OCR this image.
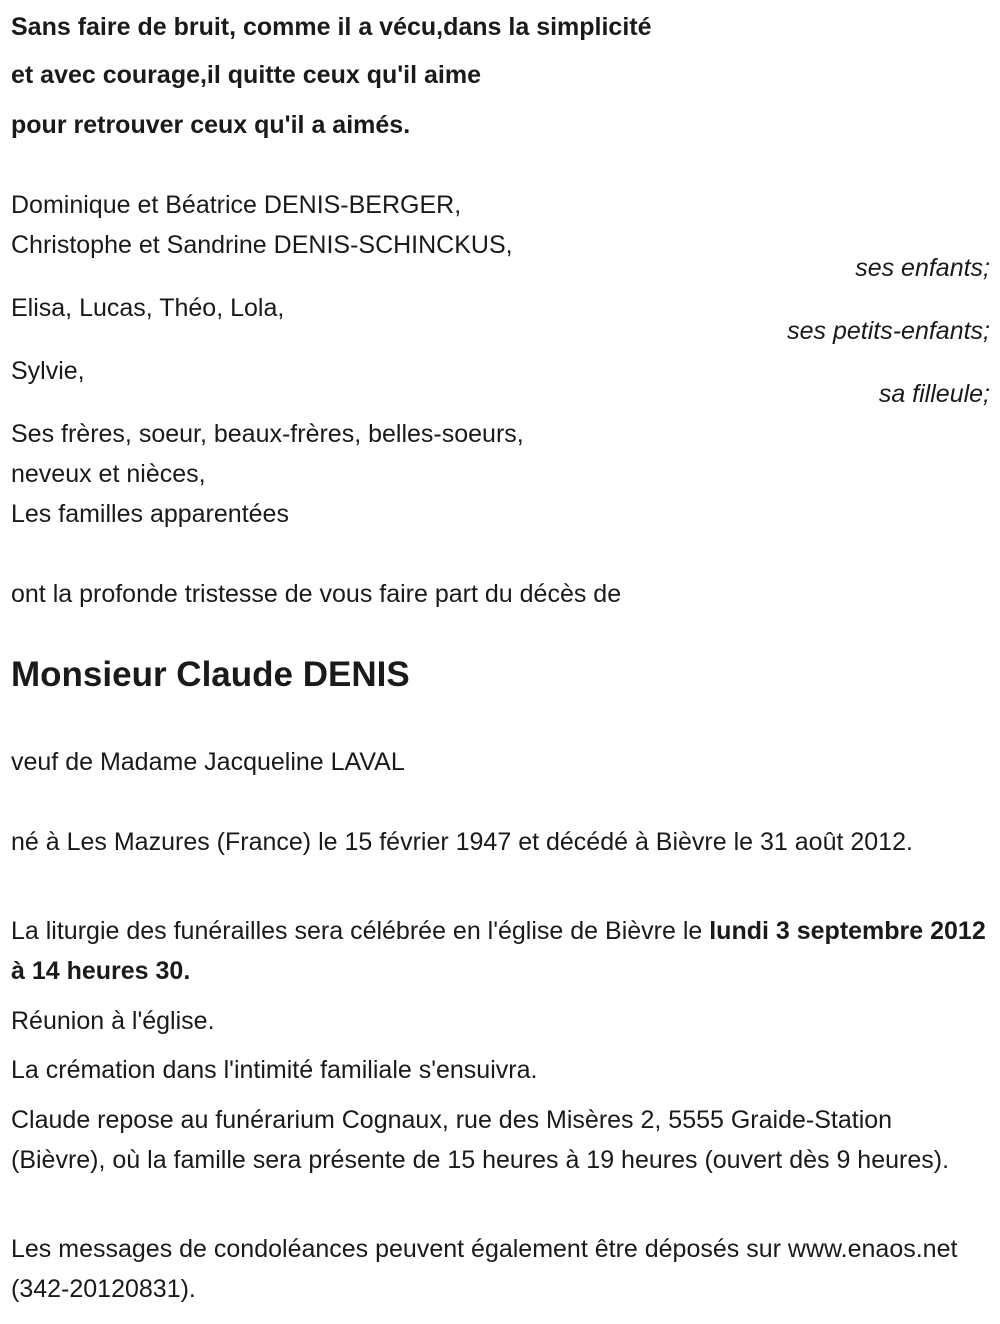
Sans faire de bruit, comme il a vécu,dans la simplicité
et avec courage,il quitte ceux qu'il aime
pour retrouver ceux qu'il a aimés.
Dominique et Béatrice DENIS-BERGER,
Christophe et Sandrine DENIS-SCHINCKUS,
ses enfants;
Elisa, Lucas, Théo, Lola,
ses petits-enfants;
Sylvie,
sa filleule;
Ses frères, soeur, beaux-frères, belles-soeurs,
neveux et nièces,
Les familles apparentées
ont la profonde tristesse de vous faire part du décès de
Monsieur Claude DENIS
veuf de Madame Jacqueline LAVAL
né à Les Mazures (France) le 15 février 1947 et décédé à Bièvre le 31 août 2012.
La liturgie des funérailles sera célébrée en l'église de Bièvre le lundi 3 septembre 2012 à 14 heures 30.
Réunion à l'église.
La crémation dans l'intimité familiale s'ensuivra.
Claude repose au funérarium Cognaux, rue des Misères 2, 5555 Graide-Station (Bièvre), où la famille sera présente de 15 heures à 19 heures (ouvert dès 9 heures).
Les messages de condoléances peuvent également être déposés sur www.enaos.net (342-20120831).
